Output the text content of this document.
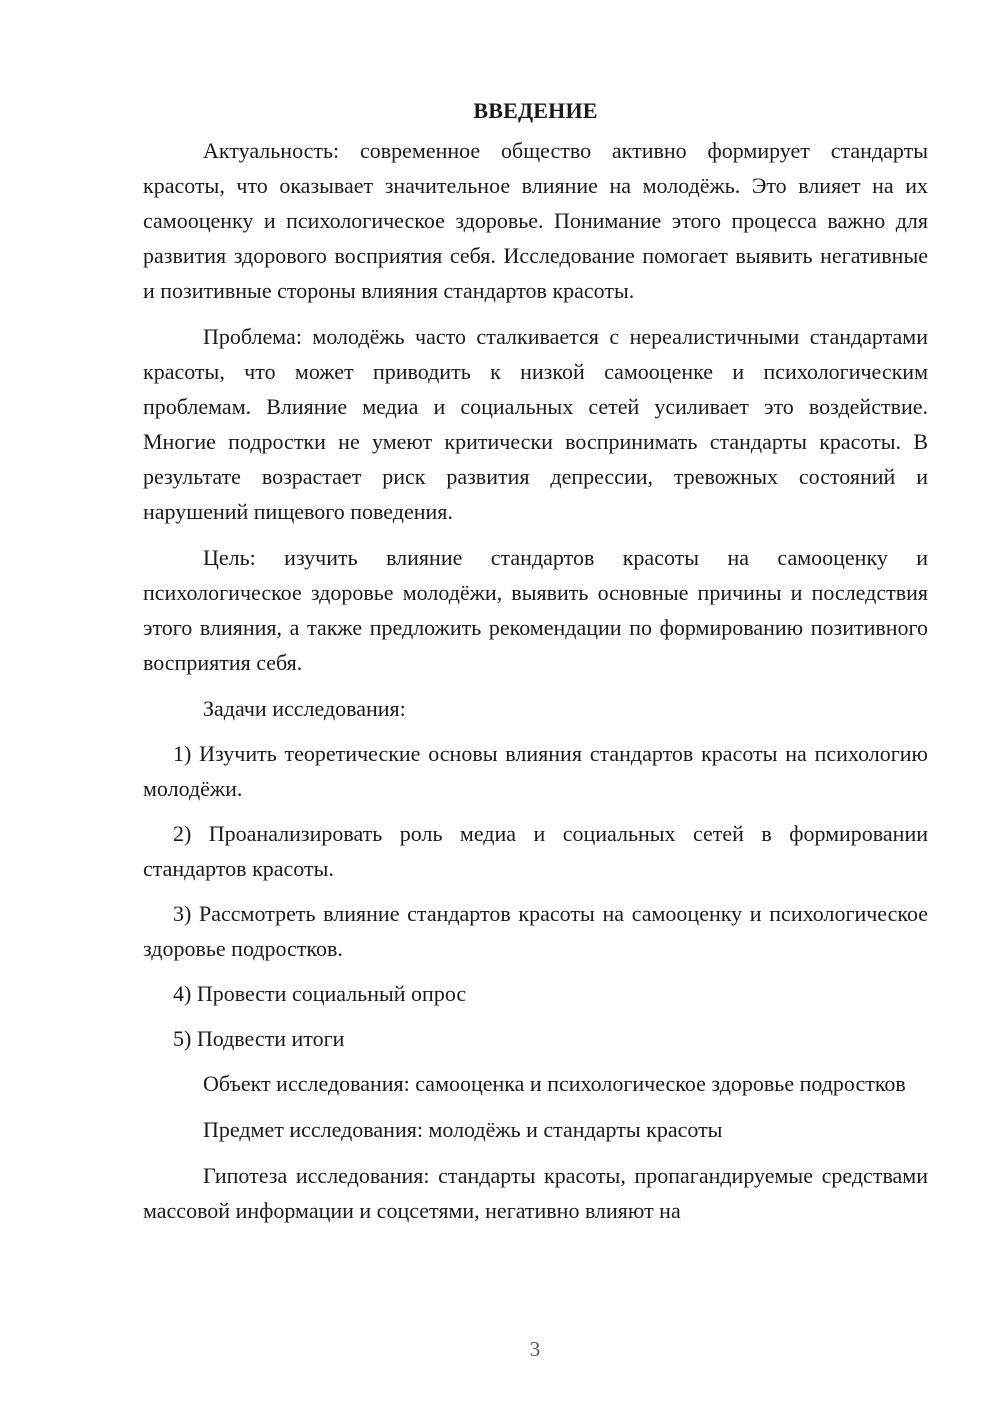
ВВЕДЕНИЕ

Актуальность: современное общество активно формирует стандарты красоты, что оказывает значительное влияние на молодёжь. Это влияет на их самооценку и психологическое здоровье. Понимание этого процесса важно для развития здорового восприятия себя. Исследование помогает выявить негативные и позитивные стороны влияния стандартов красоты.

Проблема: молодёжь часто сталкивается с нереалистичными стандартами красоты, что может приводить к низкой самооценке и психологическим проблемам. Влияние медиа и социальных сетей усиливает это воздействие. Многие подростки не умеют критически воспринимать стандарты красоты. В результате возрастает риск развития депрессии, тревожных состояний и нарушений пищевого поведения.

Цель: изучить влияние стандартов красоты на самооценку и психологическое здоровье молодёжи, выявить основные причины и последствия этого влияния, а также предложить рекомендации по формированию позитивного восприятия себя.

Задачи исследования:

1) Изучить теоретические основы влияния стандартов красоты на психологию молодёжи.

2) Проанализировать роль медиа и социальных сетей в формировании стандартов красоты.

3) Рассмотреть влияние стандартов красоты на самооценку и психологическое здоровье подростков.

4) Провести социальный опрос

5) Подвести итоги

Объект исследования: самооценка и психологическое здоровье подростков

Предмет исследования: молодёжь и стандарты красоты

Гипотеза исследования: стандарты красоты, пропагандируемые средствами массовой информации и соцсетями, негативно влияют на

3
